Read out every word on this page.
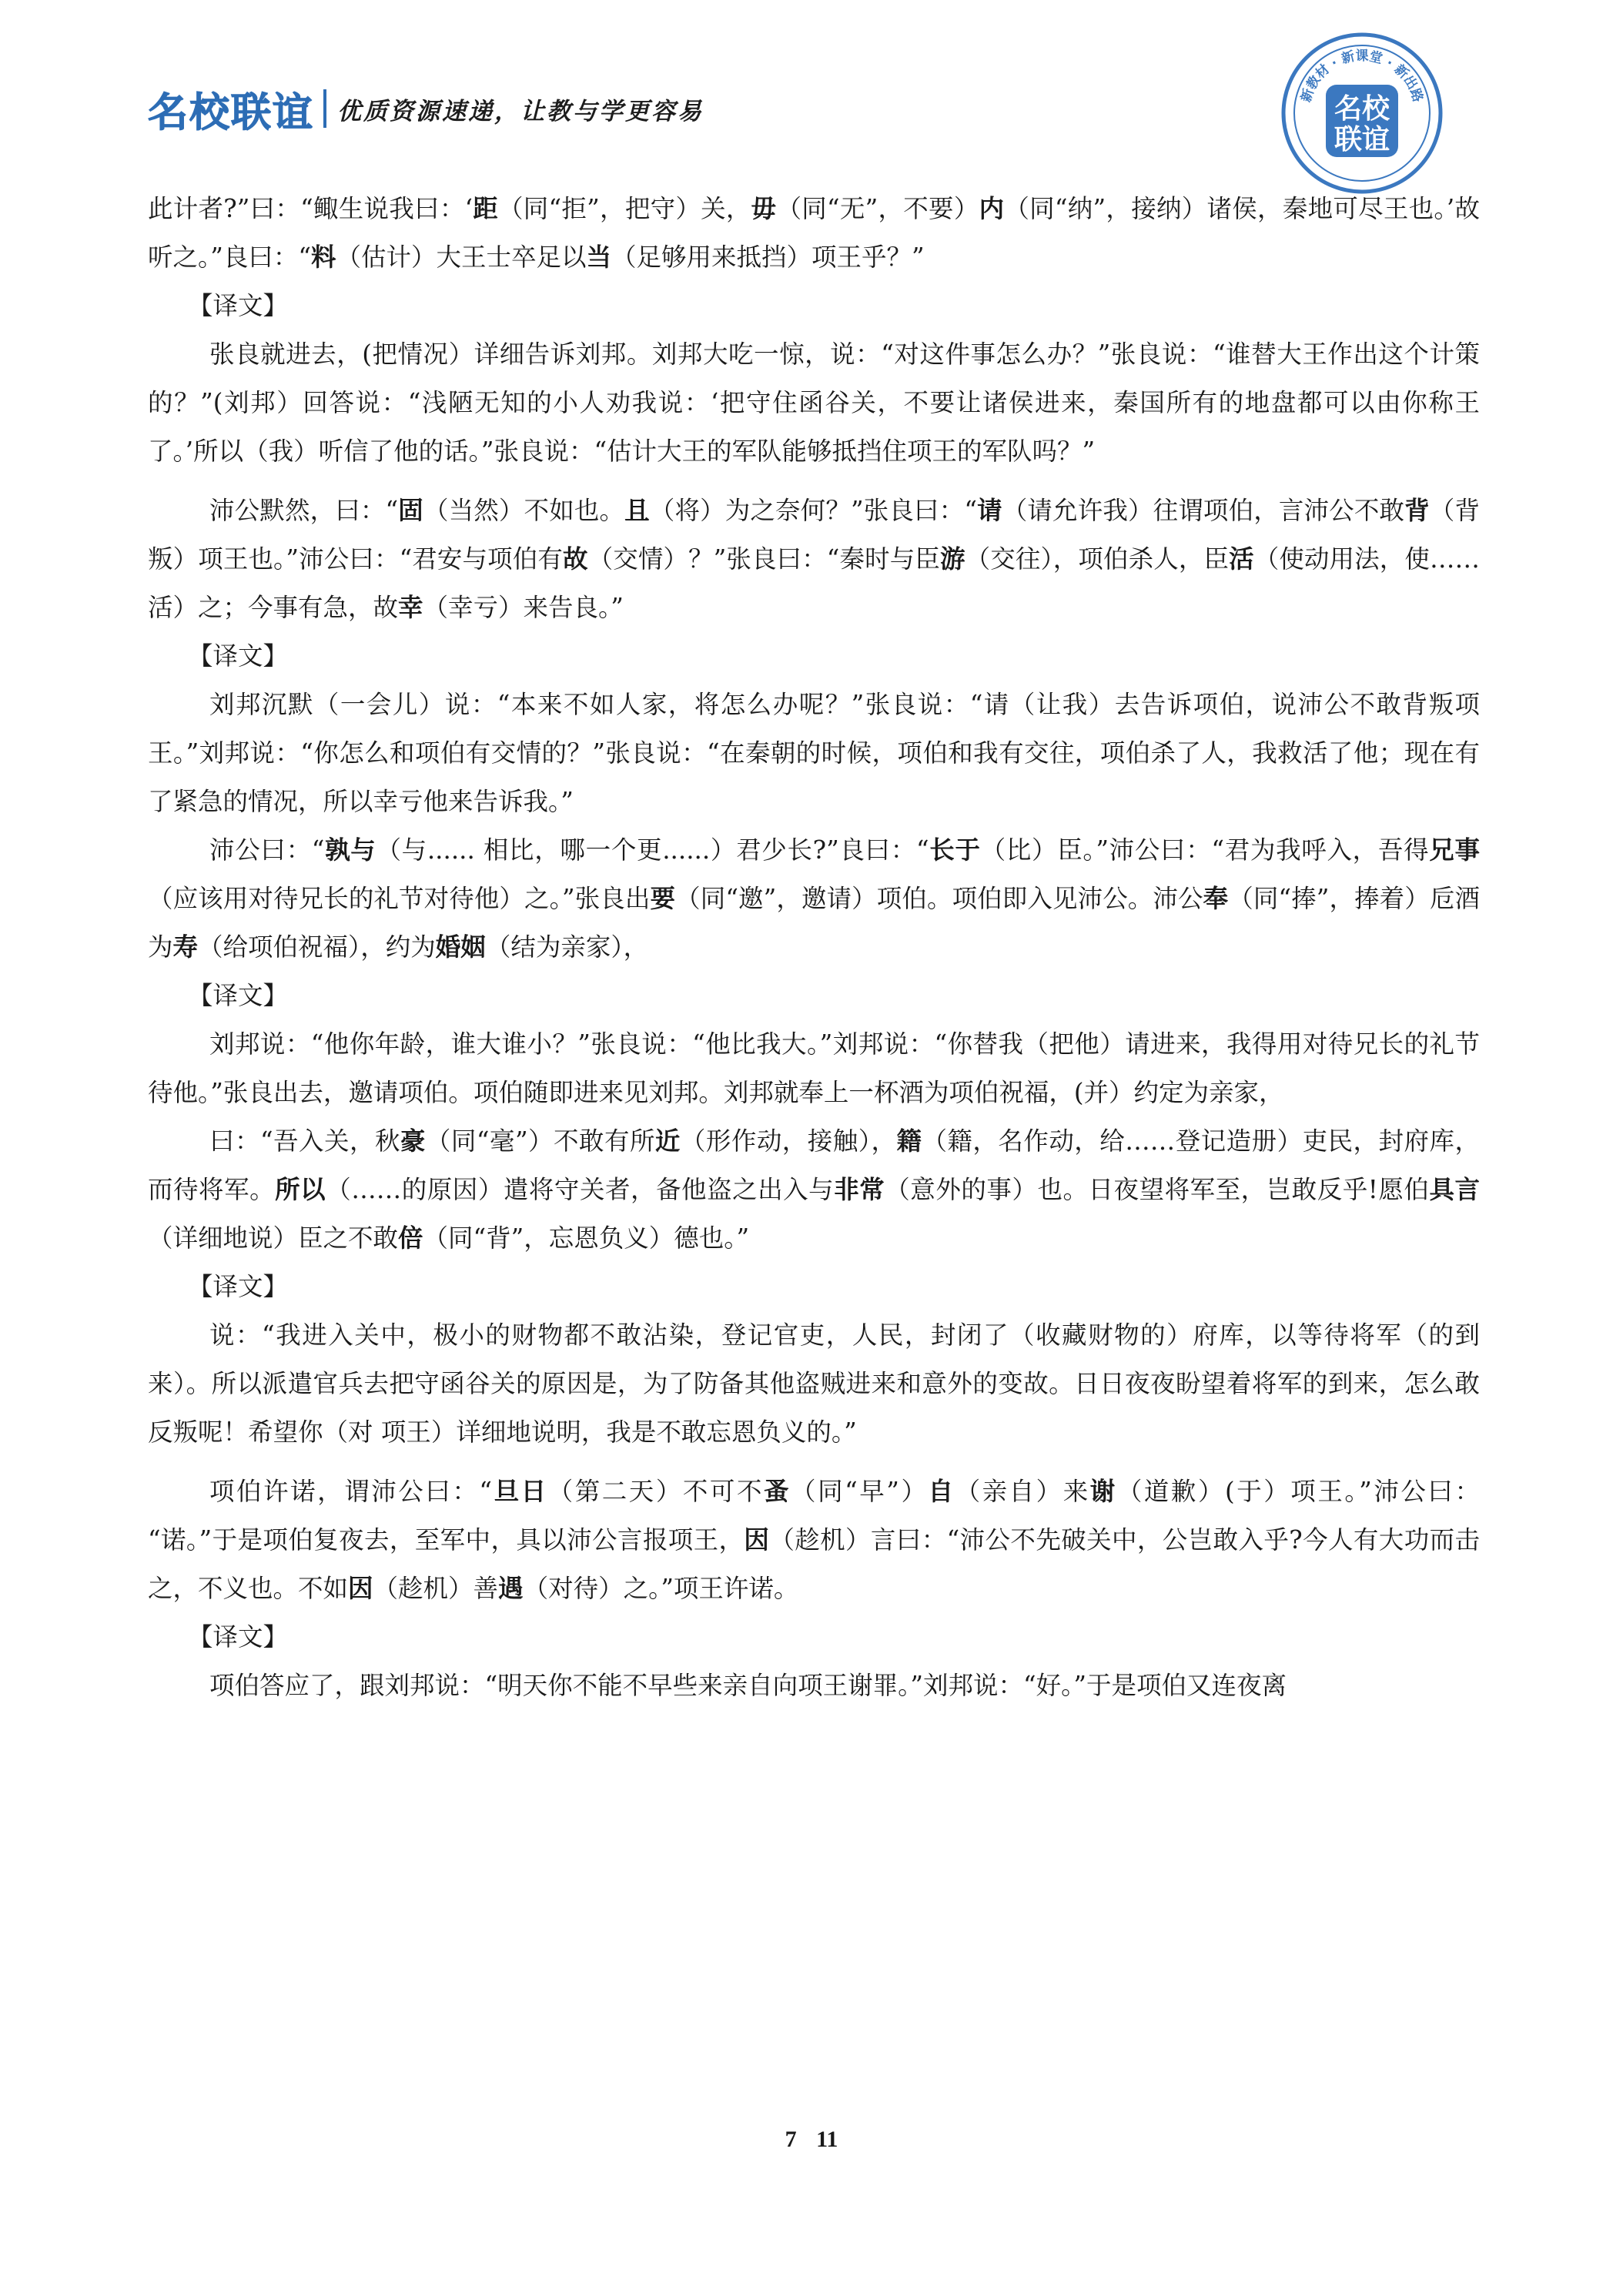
名校联谊 优质资源速递，让教与学更容易
新教材 · 新课堂 · 新出路
名校
联谊

此计者?”曰：“鲰生说我曰：‘距（同“拒”，把守）关，毋（同“无”，不要）内（同“纳”，接纳）诸侯，秦地可尽王也。’故听之。”良曰：“料（估计）大王士卒足以当（足够用来抵挡）项王乎？”

【译文】

张良就进去，(把情况）详细告诉刘邦。刘邦大吃一惊，说：“对这件事怎么办？”张良说：“谁替大王作出这个计策的？”(刘邦）回答说：“浅陋无知的小人劝我说：‘把守住函谷关，不要让诸侯进来，秦国所有的地盘都可以由你称王了。’所以（我）听信了他的话。”张良说：“估计大王的军队能够抵挡住项王的军队吗？”

沛公默然，曰：“固（当然）不如也。且（将）为之奈何？”张良曰：“请（请允许我）往谓项伯，言沛公不敢背（背叛）项王也。”沛公曰：“君安与项伯有故（交情）？”张良曰：“秦时与臣游（交往），项伯杀人，臣活（使动用法，使……活）之；今事有急，故幸（幸亏）来告良。”

【译文】

刘邦沉默（一会儿）说：“本来不如人家，将怎么办呢？”张良说：“请（让我）去告诉项伯，说沛公不敢背叛项王。”刘邦说：“你怎么和项伯有交情的？”张良说：“在秦朝的时候，项伯和我有交往，项伯杀了人，我救活了他；现在有了紧急的情况，所以幸亏他来告诉我。”

沛公曰：“孰与（与...... 相比，哪一个更......）君少长?”良曰：“长于（比）臣。”沛公曰：“君为我呼入，吾得兄事（应该用对待兄长的礼节对待他）之。”张良出要（同“邀”，邀请）项伯。项伯即入见沛公。沛公奉（同“捧”，捧着）卮酒为寿（给项伯祝福），约为婚姻（结为亲家），

【译文】

刘邦说：“他你年龄，谁大谁小？”张良说：“他比我大。”刘邦说：“你替我（把他）请进来，我得用对待兄长的礼节待他。”张良出去，邀请项伯。项伯随即进来见刘邦。刘邦就奉上一杯酒为项伯祝福，(并）约定为亲家，

曰：“吾入关，秋豪（同“毫”）不敢有所近（形作动，接触），籍（籍，名作动，给……登记造册）吏民，封府库，而待将军。所以（……的原因）遣将守关者，备他盗之出入与非常（意外的事）也。日夜望将军至，岂敢反乎!愿伯具言（详细地说）臣之不敢倍（同“背”，忘恩负义）德也。”

【译文】

说：“我进入关中，极小的财物都不敢沾染，登记官吏，人民，封闭了（收藏财物的）府库，以等待将军（的到来）。所以派遣官兵去把守函谷关的原因是，为了防备其他盗贼进来和意外的变故。日日夜夜盼望着将军的到来，怎么敢反叛呢！希望你（对 项王）详细地说明，我是不敢忘恩负义的。”

项伯许诺，谓沛公曰：“旦日（第二天）不可不蚤（同“早”）自（亲自）来谢（道歉）(于）项王。”沛公曰： “诺。”于是项伯复夜去，至军中，具以沛公言报项王，因（趁机）言曰：“沛公不先破关中，公岂敢入乎?今人有大功而击之，不义也。不如因（趁机）善遇（对待）之。”项王许诺。

【译文】

项伯答应了，跟刘邦说：“明天你不能不早些来亲自向项王谢罪。”刘邦说：“好。”于是项伯又连夜离

7 11
